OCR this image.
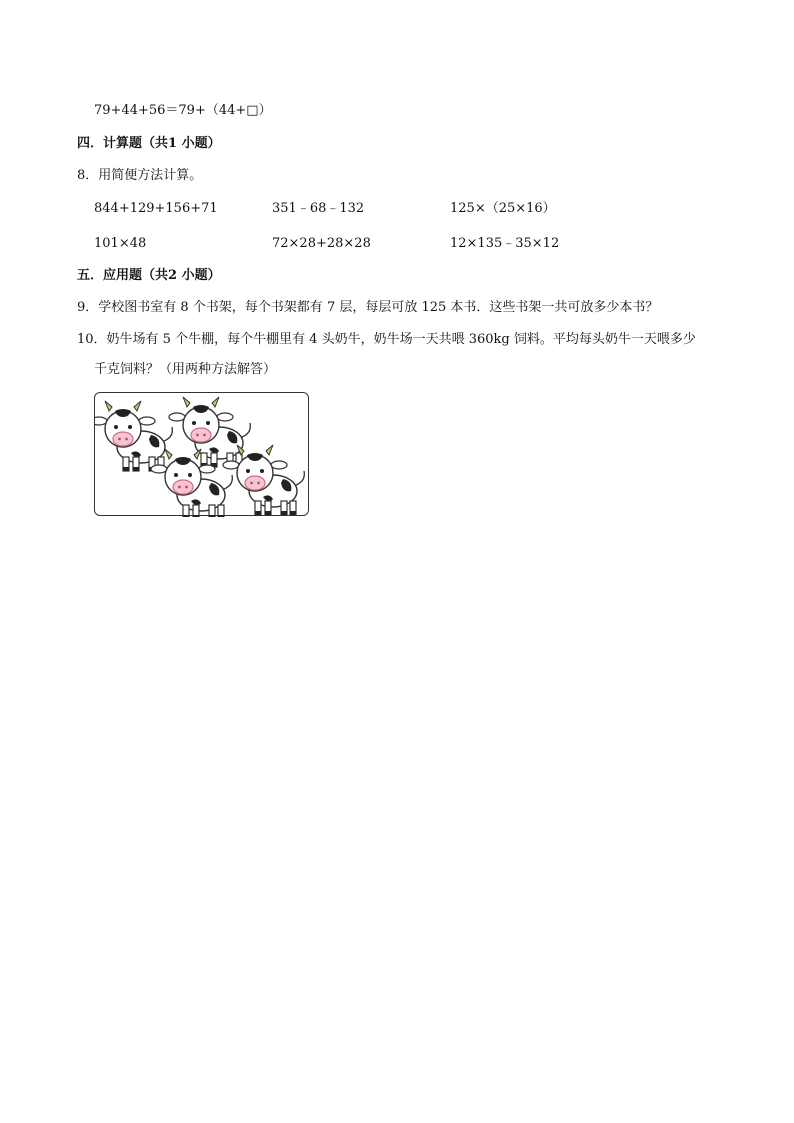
79+44+56＝79+（44+□）
四．计算题（共1 小题）
8．用简便方法计算。
844+129+156+71	351﹣68﹣132	125×（25×16）
101×48	72×28+28×28	12×135﹣35×12
五．应用题（共2 小题）
9．学校图书室有 8 个书架，每个书架都有 7 层，每层可放 125 本书．这些书架一共可放多少本书？
10．奶牛场有 5 个牛棚，每个牛棚里有 4 头奶牛，奶牛场一天共喂 360kg 饲料。平均每头奶牛一天喂多少
千克饲料？（用两种方法解答）
